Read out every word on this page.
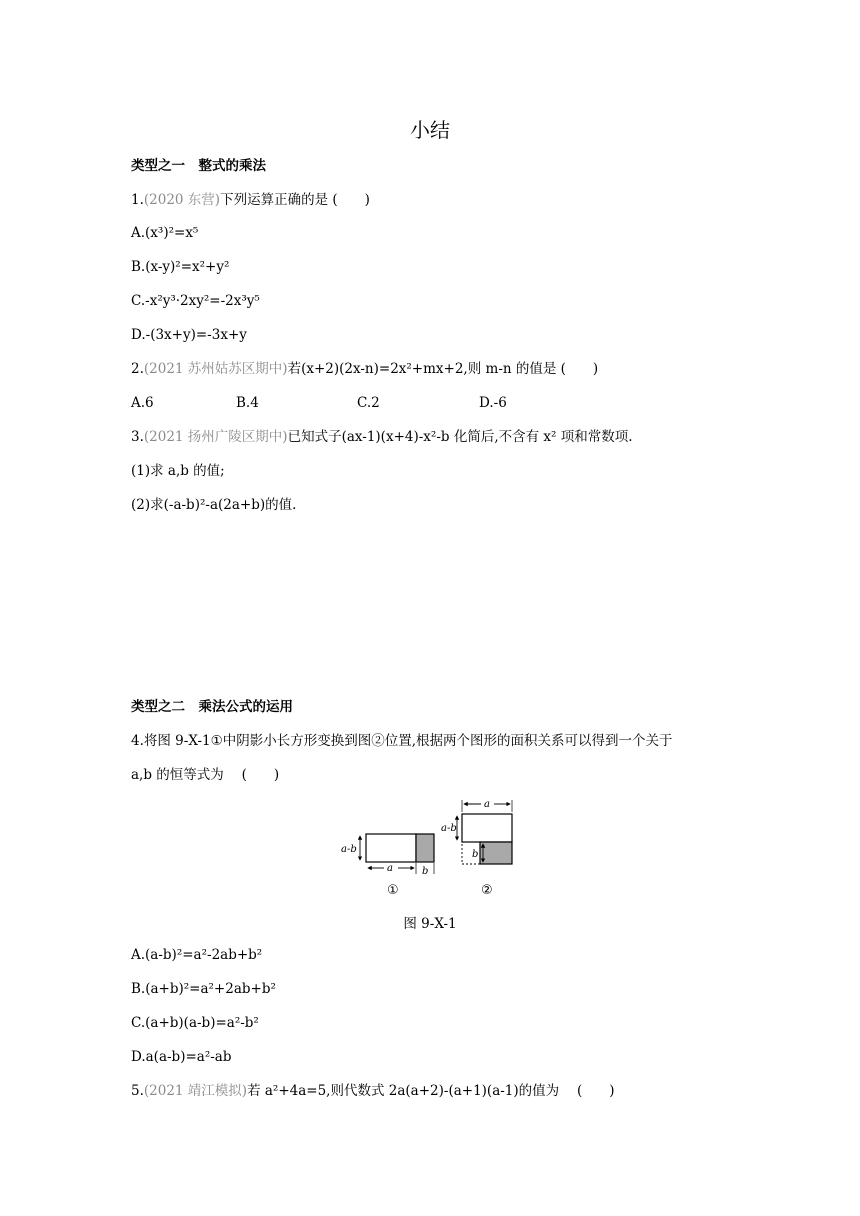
小结
类型之一　整式的乘法
1.(2020 东营)下列运算正确的是 (　　)
A.(x³)²=x⁵
B.(x-y)²=x²+y²
C.-x²y³·2xy²=-2x³y⁵
D.-(3x+y)=-3x+y
2.(2021 苏州姑苏区期中)若(x+2)(2x-n)=2x²+mx+2,则 m-n 的值是 (　　)
A.6	B.4	C.2	D.-6
3.(2021 扬州广陵区期中)已知式子(ax-1)(x+4)-x²-b 化简后,不含有 x² 项和常数项.
(1)求 a,b 的值;
(2)求(-a-b)²-a(2a+b)的值.
类型之二　乘法公式的运用
4.将图 9-X-1①中阴影小长方形变换到图②位置,根据两个图形的面积关系可以得到一个关于
a,b 的恒等式为　 (　　)
a-b
a	b
①
a
a-b
b
②
图 9-X-1
A.(a-b)²=a²-2ab+b²
B.(a+b)²=a²+2ab+b²
C.(a+b)(a-b)=a²-b²
D.a(a-b)=a²-ab
5.(2021 靖江模拟)若 a²+4a=5,则代数式 2a(a+2)-(a+1)(a-1)的值为　 (　　)
